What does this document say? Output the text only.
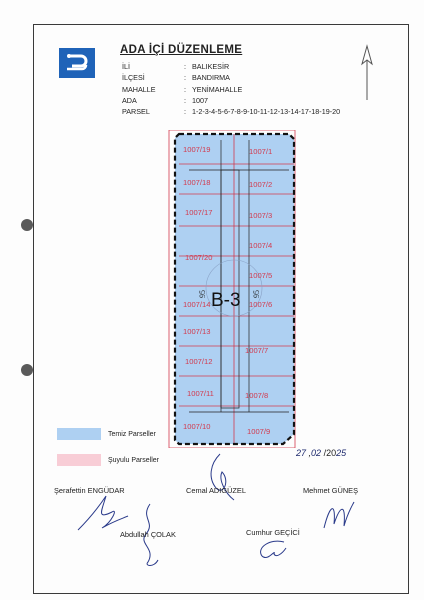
ADA İÇİ DÜZENLEME
İLİ	: BALIKESİR
İLÇESİ	: BANDIRMA
MAHALLE	: YENİMAHALLE
ADA	: 1007
PARSEL	: 1-2-3-4-5-6-7-8-9-10-11-12-13-14-17-18-19-20
1007/19	1007/1
1007/18	1007/2
1007/17	1007/3
1007/4
1007/20
1007/5
1007/14	1007/6
1007/13
1007/7
1007/12
1007/11	1007/8
1007/10
1007/9
B-3
95	95
Temiz Parseller
Şuyulu Parseller
27 ,02 /2025
Şerafettin ENGÜDAR	Cemal ADIGÜZEL	Mehmet GÜNEŞ
Abdullah ÇOLAK	Cumhur GEÇİCİ
